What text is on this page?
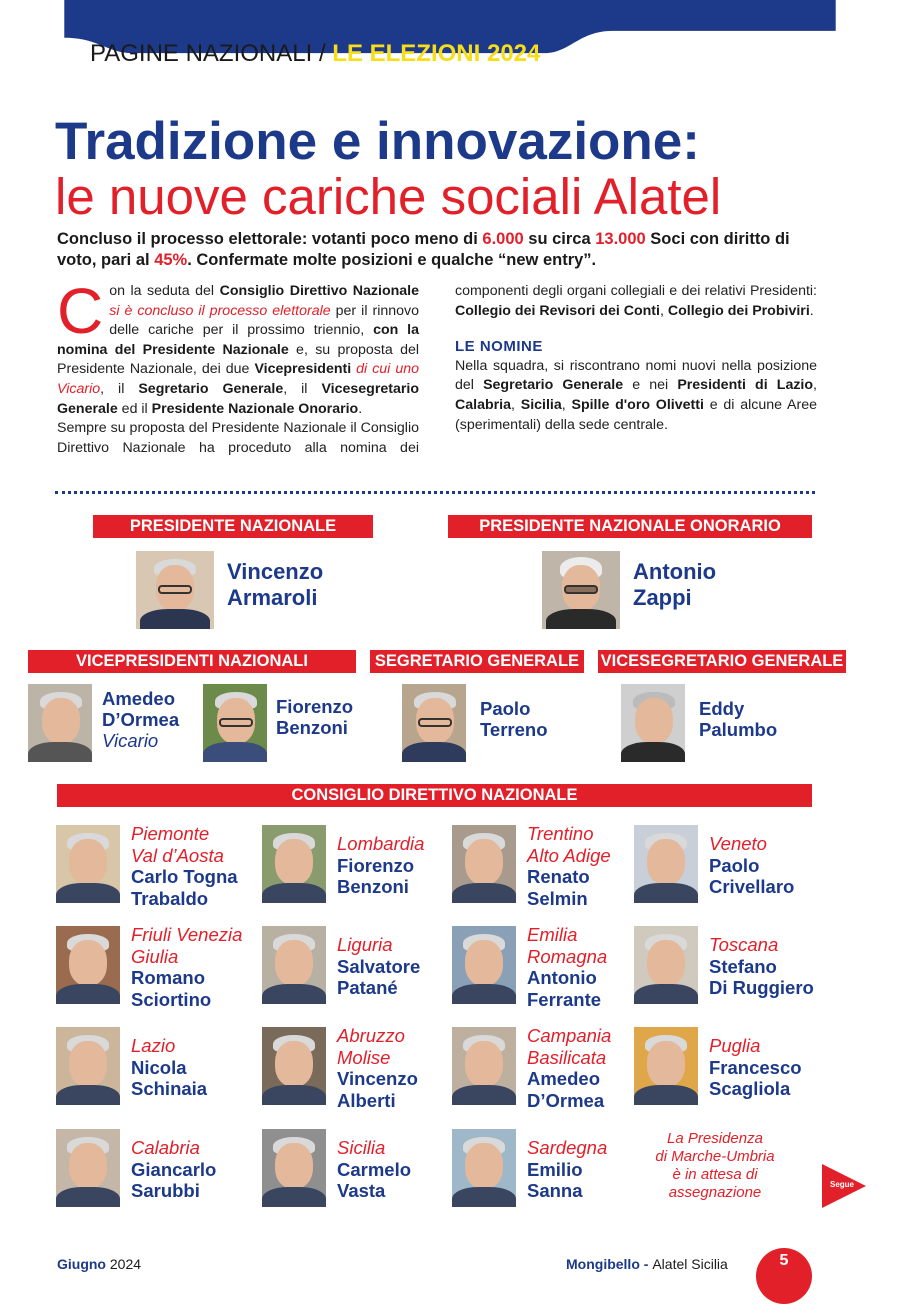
PAGINE NAZIONALI / LE ELEZIONI 2024
Tradizione e innovazione:
le nuove cariche sociali Alatel
Concluso il processo elettorale: votanti poco meno di 6.000 su circa 13.000 Soci con diritto di voto, pari al 45%. Confermate molte posizioni e qualche “new entry”.
Con la seduta del Consiglio Direttivo Nazionale si è concluso il processo elettorale per il rinnovo delle cariche per il prossimo triennio, con la nomina del Presidente Nazionale e, su proposta del Presidente Nazionale, dei due Vicepresidenti di cui uno Vicario, il Segretario Generale, il Vicesegretario Generale ed il Presidente Nazionale Onorario.
Sempre su proposta del Presidente Nazionale il Consiglio Direttivo Nazionale ha proceduto alla nomina dei componenti degli organi collegiali e dei relativi Presidenti: Collegio dei Revisori dei Conti, Collegio dei Probiviri.
LE NOMINE
Nella squadra, si riscontrano nomi nuovi nella posizione del Segretario Generale e nei Presidenti di Lazio, Calabria, Sicilia, Spille d'oro Olivetti e di alcune Aree (sperimentali) della sede centrale.
PRESIDENTE NAZIONALE
Vincenzo
Armaroli
PRESIDENTE NAZIONALE ONORARIO
Antonio
Zappi
VICEPRESIDENTI NAZIONALI	SEGRETARIO GENERALE VICESEGRETARIO GENERALE
Amedeo
D’Ormea
Vicario
Fiorenzo
Benzoni
Paolo
Terreno
Eddy
Palumbo
CONSIGLIO DIRETTIVO NAZIONALE
Piemonte
Val d’Aosta
Carlo Togna
Trabaldo
Lombardia
Fiorenzo
Benzoni
Trentino
Alto Adige
Renato
Selmin
Veneto
Paolo
Crivellaro
Friuli Venezia
Giulia
Romano
Sciortino
Liguria
Salvatore
Patané
Emilia
Romagna
Antonio
Ferrante
Toscana
Stefano
Di Ruggiero
Lazio
Nicola
Schinaia
Abruzzo
Molise
Vincenzo
Alberti
Campania
Basilicata
Amedeo
D’Ormea
Puglia
Francesco
Scagliola
Calabria
Giancarlo
Sarubbi
Sicilia
Carmelo
Vasta
Sardegna
Emilio
Sanna
La Presidenza
di Marche-Umbria
è in attesa di
assegnazione	Segue
Giugno 2024	Mongibello - Alatel Sicilia	5
